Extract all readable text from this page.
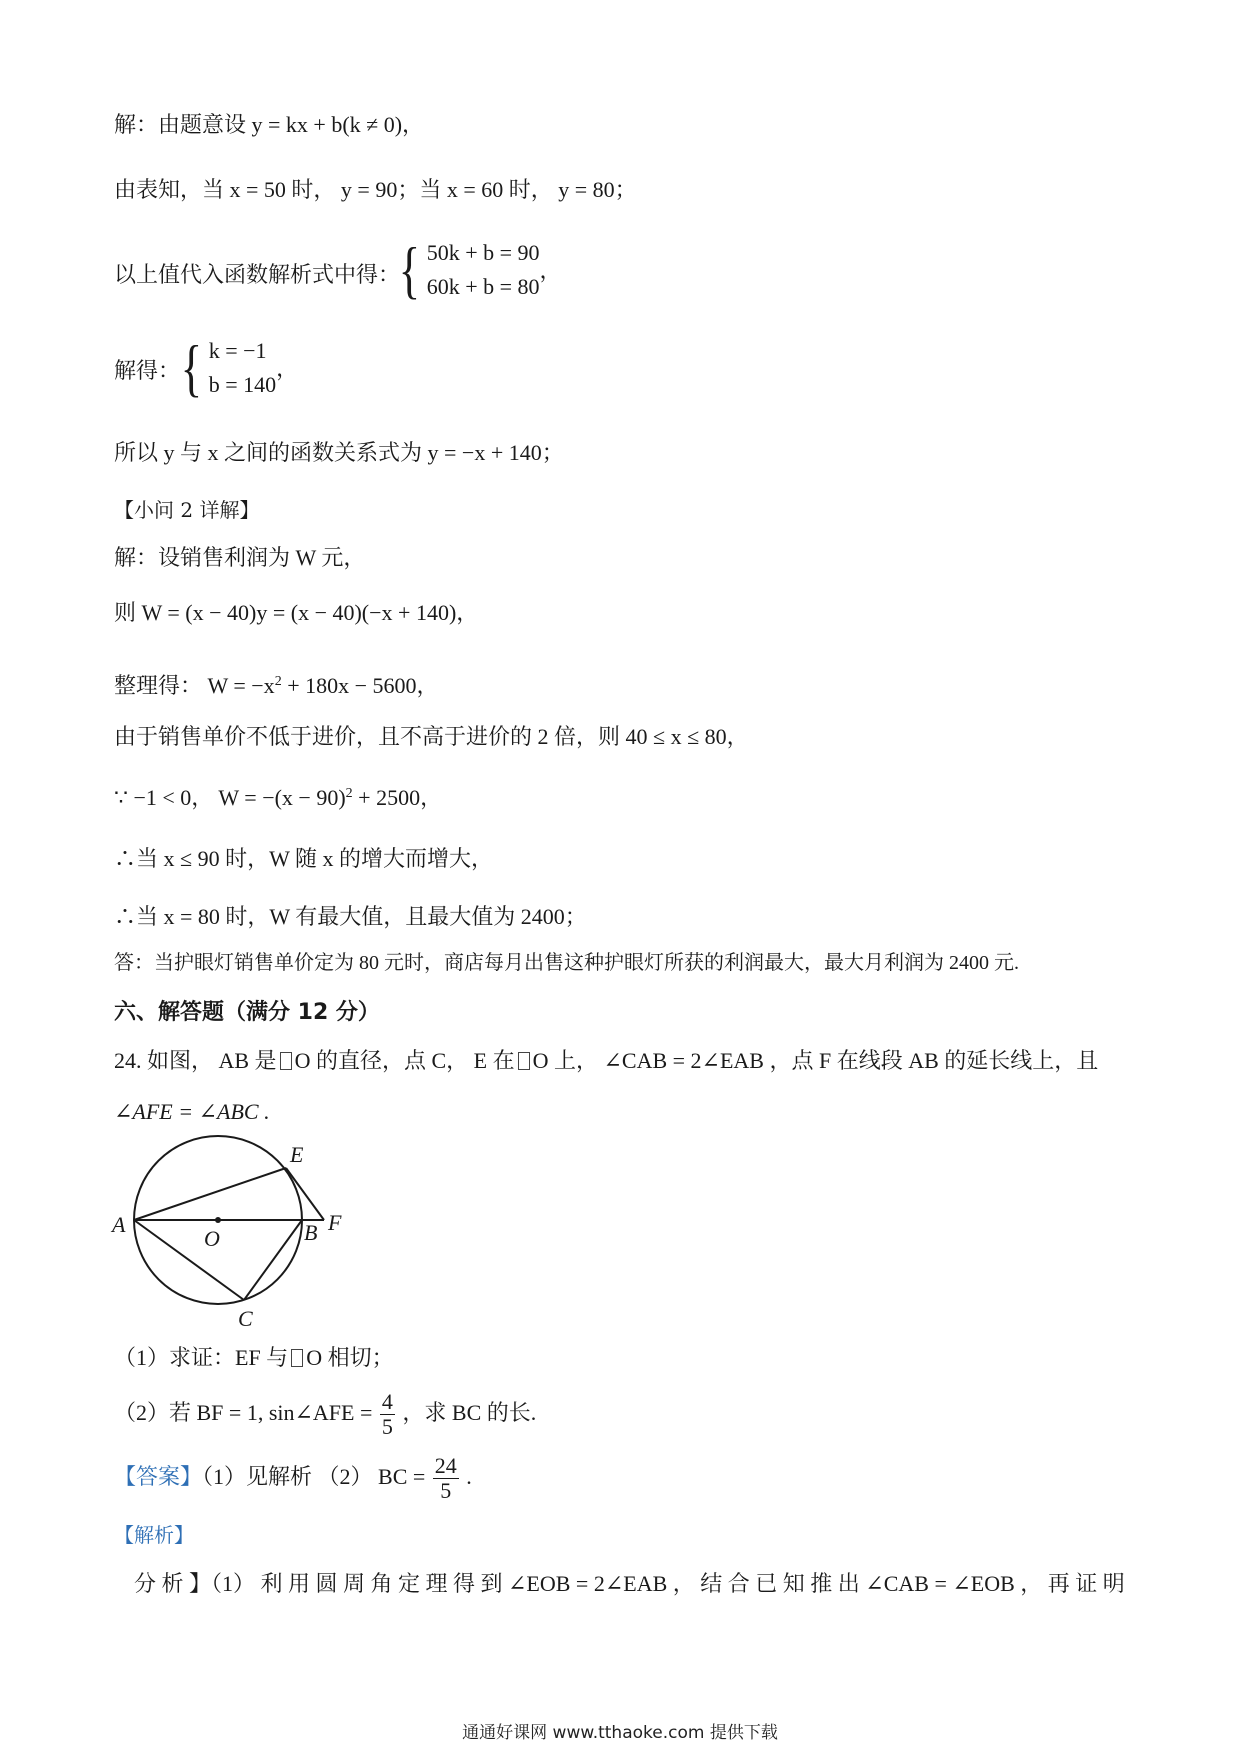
解：由题意设 y = kx + b(k ≠ 0)，
由表知，当 x = 50 时， y = 90；当 x = 60 时， y = 80；
以上值代入函数解析式中得：
{ 50k + b = 90
60k + b = 80
，
解得： { k = −1
b = 140
，
所以 y 与 x 之间的函数关系式为 y = −x + 140；
【小问 2 详解】
解：设销售利润为 W 元，
则 W = (x − 40)y = (x − 40)(−x + 140)，
整理得： $W = -x^2 + 180x - 5600$，
由于销售单价不低于进价，且不高于进价的 2 倍，则 40 ≤ x ≤ 80，
∵ −1 < 0， $W = -(x - 90)^2 + 2500$，
∴当 x ≤ 90 时，W 随 x 的增大而增大，
∴当 x = 80 时，W 有最大值，且最大值为 2400；
答：当护眼灯销售单价定为 80 元时，商店每月出售这种护眼灯所获的利润最大，最大月利润为 2400 元.
六、解答题（满分 12 分）
24. 如图， AB 是 O 的直径，点 C， E 在 O 上， ∠CAB = 2∠EAB ，点 F 在线段 AB 的延长线上，且
∠AFE = ∠ABC .
A
O	B
E
F
C
（1）求证：EF 与 O 相切；
（2）若 BF = 1, sin∠AFE = $\frac{4}{5}$ ，求 BC 的长.
【答案】（1）见解析 （2） BC = $\frac{24}{5}$ .
【解析】
分 析 】（1） 利 用 圆 周 角 定 理 得 到 ∠EOB = 2∠EAB ， 结 合 已 知 推 出 ∠CAB = ∠EOB ， 再 证 明
通通好课网 www.tthaoke.com 提供下载
